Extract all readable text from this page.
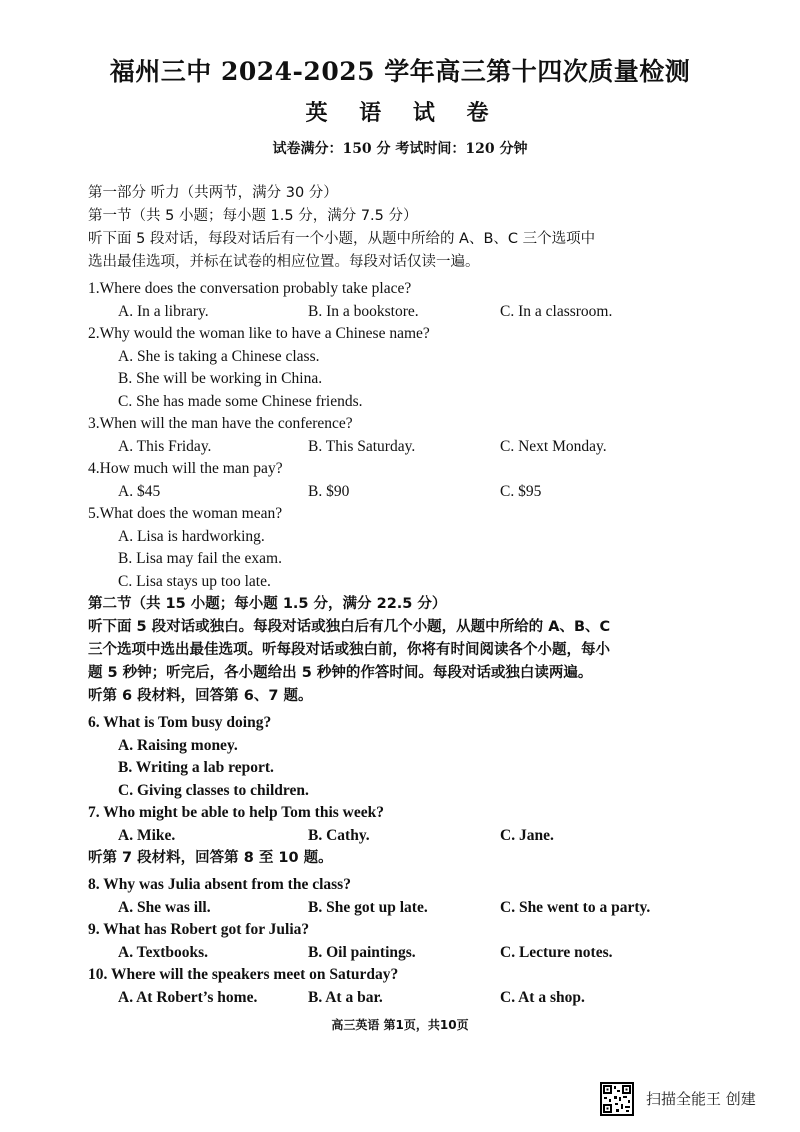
福州三中 2024-2025 学年高三第十四次质量检测
英 语 试 卷
试卷满分：150 分 考试时间：120 分钟
第一部分 听力（共两节，满分 30 分）
第一节（共 5 小题；每小题 1.5 分，满分 7.5 分）
听下面 5 段对话，每段对话后有一个小题，从题中所给的 A、B、C 三个选项中
选出最佳选项，并标在试卷的相应位置。每段对话仅读一遍。
1.Where does the conversation probably take place?
A. In a library.	B. In a bookstore.	C. In a classroom.
2.Why would the woman like to have a Chinese name?
A. She is taking a Chinese class.
B. She will be working in China.
C. She has made some Chinese friends.
3.When will the man have the conference?
A. This Friday.	B. This Saturday.	C. Next Monday.
4.How much will the man pay?
A. $45	B. $90	C. $95
5.What does the woman mean?
A. Lisa is hardworking.
B. Lisa may fail the exam.
C. Lisa stays up too late.
第二节（共 15 小题；每小题 1.5 分，满分 22.5 分）
听下面 5 段对话或独白。每段对话或独白后有几个小题，从题中所给的 A、B、C
三个选项中选出最佳选项。听每段对话或独白前，你将有时间阅读各个小题，每小
题 5 秒钟；听完后，各小题给出 5 秒钟的作答时间。每段对话或独白读两遍。
听第 6 段材料，回答第 6、7 题。
6. What is Tom busy doing?
A. Raising money.
B. Writing a lab report.
C. Giving classes to children.
7. Who might be able to help Tom this week?
A. Mike.	B. Cathy.	C. Jane.
听第 7 段材料，回答第 8 至 10 题。
8. Why was Julia absent from the class?
A. She was ill.	B. She got up late.	C. She went to a party.
9. What has Robert got for Julia?
A. Textbooks.	B. Oil paintings.	C. Lecture notes.
10. Where will the speakers meet on Saturday?
A. At Robert’s home.	B. At a bar.	C. At a shop.
高三英语 第1页，共10页
扫描全能王 创建
